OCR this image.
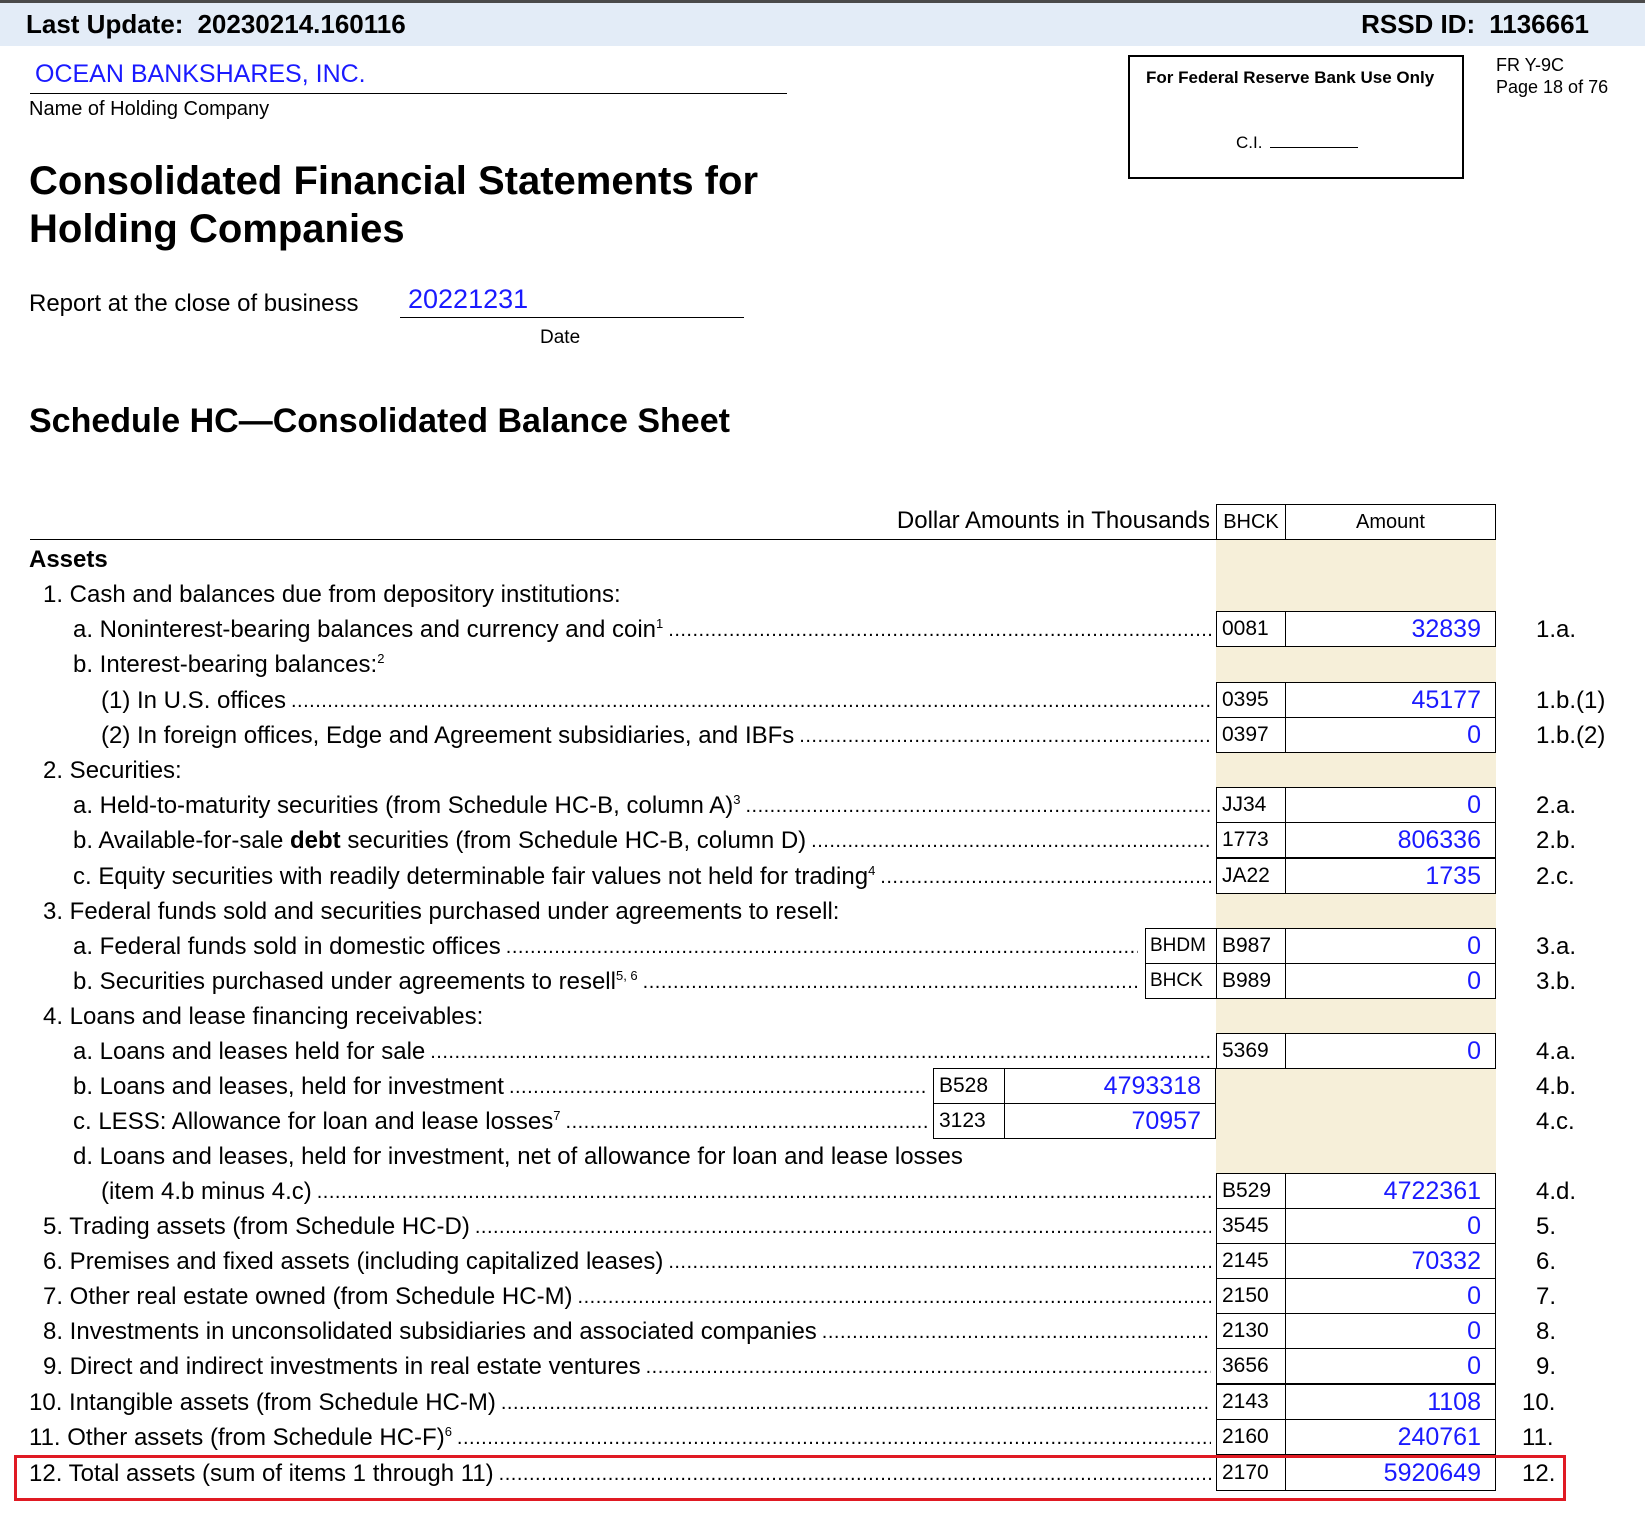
Last Update: 20230214.160116	RSSD ID: 1136661
OCEAN BANKSHARES, INC.
Name of Holding Company
For Federal Reserve Bank Use Only
C.I.
FR Y-9C
Page 18 of 76
Consolidated Financial Statements for
Holding Companies
Report at the close of business 20221231
Date
Schedule HC—Consolidated Balance Sheet
Dollar Amounts in Thousands BHCK	Amount
Assets
1. Cash and balances due from depository institutions:
a. Noninterest-bearing balances and currency and coin$^1$ .....	0081	32839	1.a.
b. Interest-bearing balances:$^2$
(1) In U.S. offices .....	0395	45177	1.b.(1)
(2) In foreign offices, Edge and Agreement subsidiaries, and IBFs .....	0397	0	1.b.(2)
2. Securities:
a. Held-to-maturity securities (from Schedule HC-B, column A)$^3$ .....	JJ34	0	2.a.
b. Available-for-sale debt securities (from Schedule HC-B, column D) .....	1773	806336	2.b.
c. Equity securities with readily determinable fair values not held for trading$^4$ .....	JA22	1735	2.c.
3. Federal funds sold and securities purchased under agreements to resell:
a. Federal funds sold in domestic offices .....	BHDM B987	0	3.a.
b. Securities purchased under agreements to resell$^{5, 6}$ .....	BHCK B989	0	3.b.
4. Loans and lease financing receivables:
a. Loans and leases held for sale .....	5369	0	4.a.
b. Loans and leases, held for investment .....	B528	4793318	4.b.
c. LESS: Allowance for loan and lease losses$^7$ .....	3123	70957	4.c.
d. Loans and leases, held for investment, net of allowance for loan and lease losses
(item 4.b minus 4.c) .....	B529	4722361	4.d.
5. Trading assets (from Schedule HC-D) .....	3545	0	5.
6. Premises and fixed assets (including capitalized leases) .....	2145	70332	6.
7. Other real estate owned (from Schedule HC-M) .....	2150	0	7.
8. Investments in unconsolidated subsidiaries and associated companies .....	2130	0	8.
9. Direct and indirect investments in real estate ventures .....	3656	0	9.
10. Intangible assets (from Schedule HC-M) .....	2143	1108	10.
11. Other assets (from Schedule HC-F)$^6$ .....	2160	240761	11.
12. Total assets (sum of items 1 through 11) .....	2170	5920649	12.
